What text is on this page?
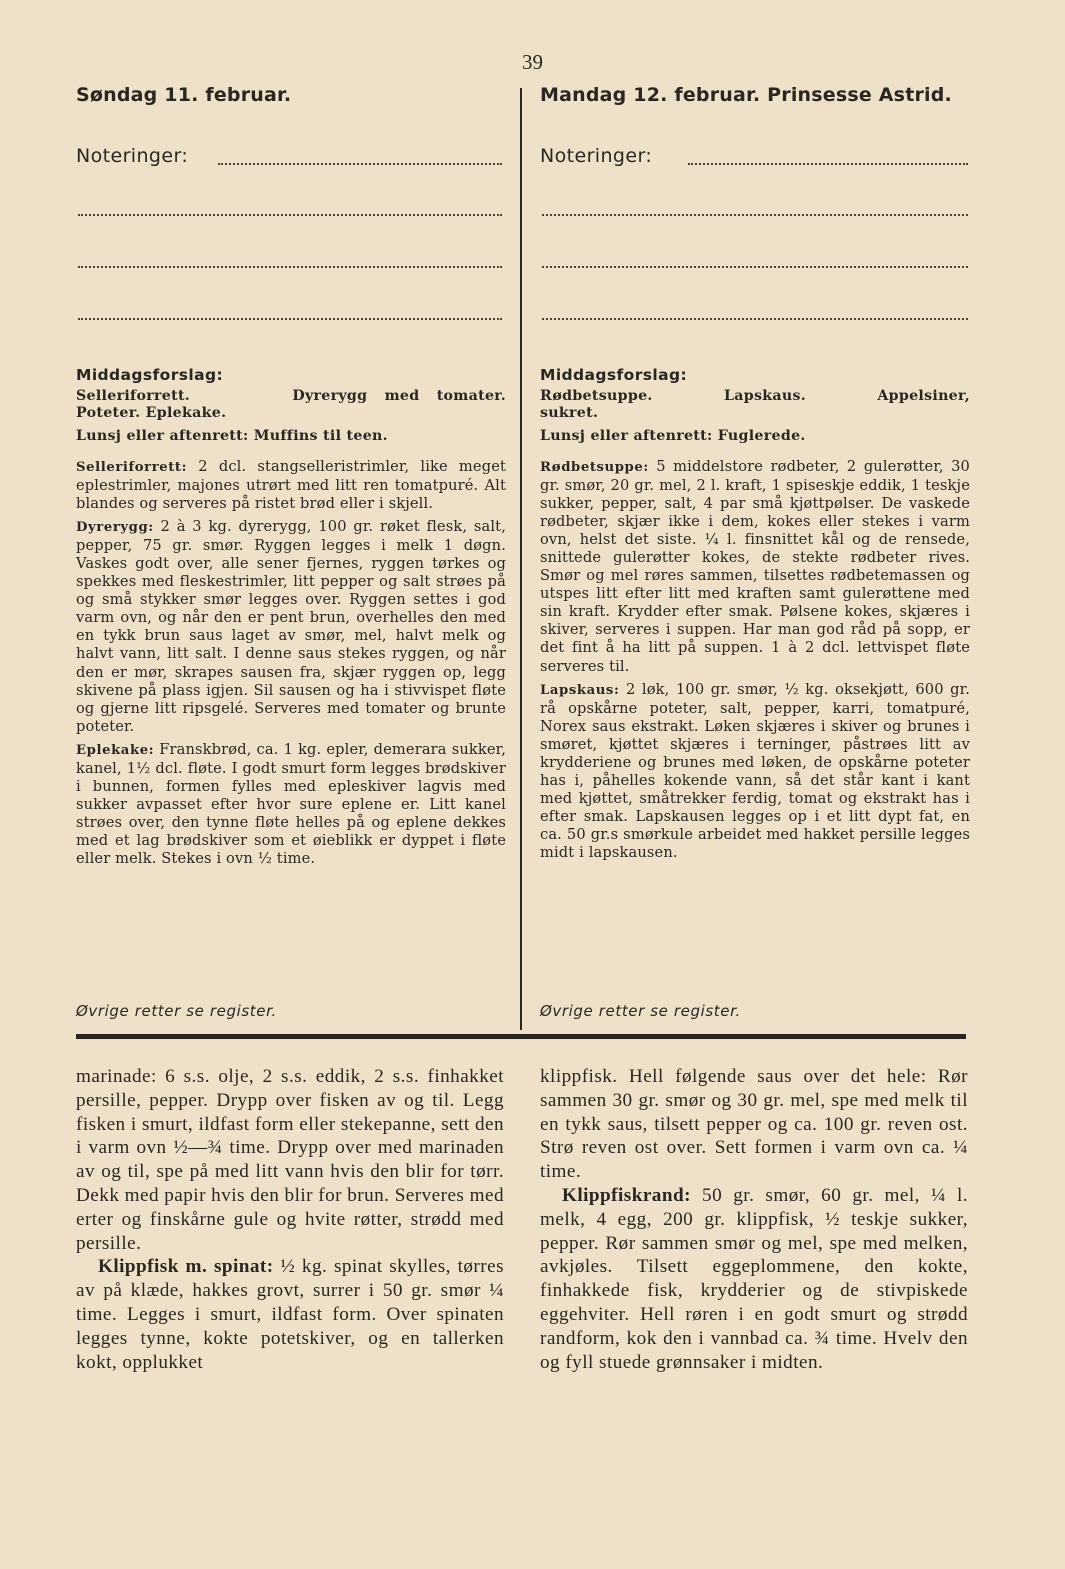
39
Søndag 11. februar.
Noteringer:
Middagsforslag:
Selleriforrett.	Dyrerygg med tomater.
Poteter. Eplekake.
Lunsj eller aftenrett: Muffins til teen.

Selleriforrett: 2 dcl. stangselleristrimler, like meget eplestrimler, majones utrørt med litt ren tomatpuré. Alt blandes og serveres på ristet brød eller i skjell.

Dyrerygg: 2 à 3 kg. dyrerygg, 100 gr. røket flesk, salt, pepper, 75 gr. smør. Ryggen legges i melk 1 døgn. Vaskes godt over, alle sener fjernes, ryggen tørkes og spekkes med fleskestrimler, litt pepper og salt strøes på og små stykker smør legges over. Ryggen settes i god varm ovn, og når den er pent brun, overhelles den med en tykk brun saus laget av smør, mel, halvt melk og halvt vann, litt salt. I denne saus stekes ryggen, og når den er mør, skrapes sausen fra, skjær ryggen op, legg skivene på plass igjen. Sil sausen og ha i stivvispet fløte og gjerne litt ripsgelé. Serveres med tomater og brunte poteter.

Eplekake: Franskbrød, ca. 1 kg. epler, demerara sukker, kanel, 1½ dcl. fløte. I godt smurt form legges brødskiver i bunnen, formen fylles med epleskiver lagvis med sukker avpasset efter hvor sure eplene er. Litt kanel strøes over, den tynne fløte helles på og eplene dekkes med et lag brødskiver som et øieblikk er dyppet i fløte eller melk. Stekes i ovn ½ time.

Øvrige retter se register.
Mandag 12. februar. Prinsesse Astrid.
Noteringer:
Middagsforslag:
Rødbetsuppe.	Lapskaus.	Appelsiner,
sukret.
Lunsj eller aftenrett: Fuglerede.

Rødbetsuppe: 5 middelstore rødbeter, 2 gulerøtter, 30 gr. smør, 20 gr. mel, 2 l. kraft, 1 spiseskje eddik, 1 teskje sukker, pepper, salt, 4 par små kjøttpølser. De vaskede rødbeter, skjær ikke i dem, kokes eller stekes i varm ovn, helst det siste. ¼ l. finsnittet kål og de rensede, snittede gulerøtter kokes, de stekte rødbeter rives. Smør og mel røres sammen, tilsettes rødbetemassen og utspes litt efter litt med kraften samt gulerøttene med sin kraft. Krydder efter smak. Pølsene kokes, skjæres i skiver, serveres i suppen. Har man god råd på sopp, er det fint å ha litt på suppen. 1 à 2 dcl. lettvispet fløte serveres til.

Lapskaus: 2 løk, 100 gr. smør, ½ kg. oksekjøtt, 600 gr. rå opskårne poteter, salt, pepper, karri, tomatpuré, Norex saus ekstrakt. Løken skjæres i skiver og brunes i smøret, kjøttet skjæres i terninger, påstrøes litt av krydderiene og brunes med løken, de opskårne poteter has i, påhelles kokende vann, så det står kant i kant med kjøttet, småtrekker ferdig, tomat og ekstrakt has i efter smak. Lapskausen legges op i et litt dypt fat, en ca. 50 gr.s smørkule arbeidet med hakket persille legges midt i lapskausen.

Øvrige retter se register.

marinade: 6 s.s. olje, 2 s.s. eddik, 2 s.s. finhakket persille, pepper. Drypp over fisken av og til. Legg fisken i smurt, ildfast form eller stekepanne, sett den i varm ovn ½—¾ time. Drypp over med marinaden av og til, spe på med litt vann hvis den blir for tørr. Dekk med papir hvis den blir for brun. Serveres med erter og finskårne gule og hvite røtter, strødd med persille.

Klippfisk m. spinat: ½ kg. spinat skylles, tørres av på klæde, hakkes grovt, surrer i 50 gr. smør ¼ time. Legges i smurt, ildfast form. Over spinaten legges tynne, kokte potetskiver, og en tallerken kokt, opplukket

klippfisk. Hell følgende saus over det hele: Rør sammen 30 gr. smør og 30 gr. mel, spe med melk til en tykk saus, tilsett pepper og ca. 100 gr. reven ost. Strø reven ost over. Sett formen i varm ovn ca. ¼ time.

Klippfiskrand: 50 gr. smør, 60 gr. mel, ¼ l. melk, 4 egg, 200 gr. klippfisk, ½ teskje sukker, pepper. Rør sammen smør og mel, spe med melken, avkjøles. Tilsett eggeplommene, den kokte, finhakkede fisk, krydderier og de stivpiskede eggehviter. Hell røren i en godt smurt og strødd randform, kok den i vannbad ca. ¾ time. Hvelv den og fyll stuede grønnsaker i midten.
